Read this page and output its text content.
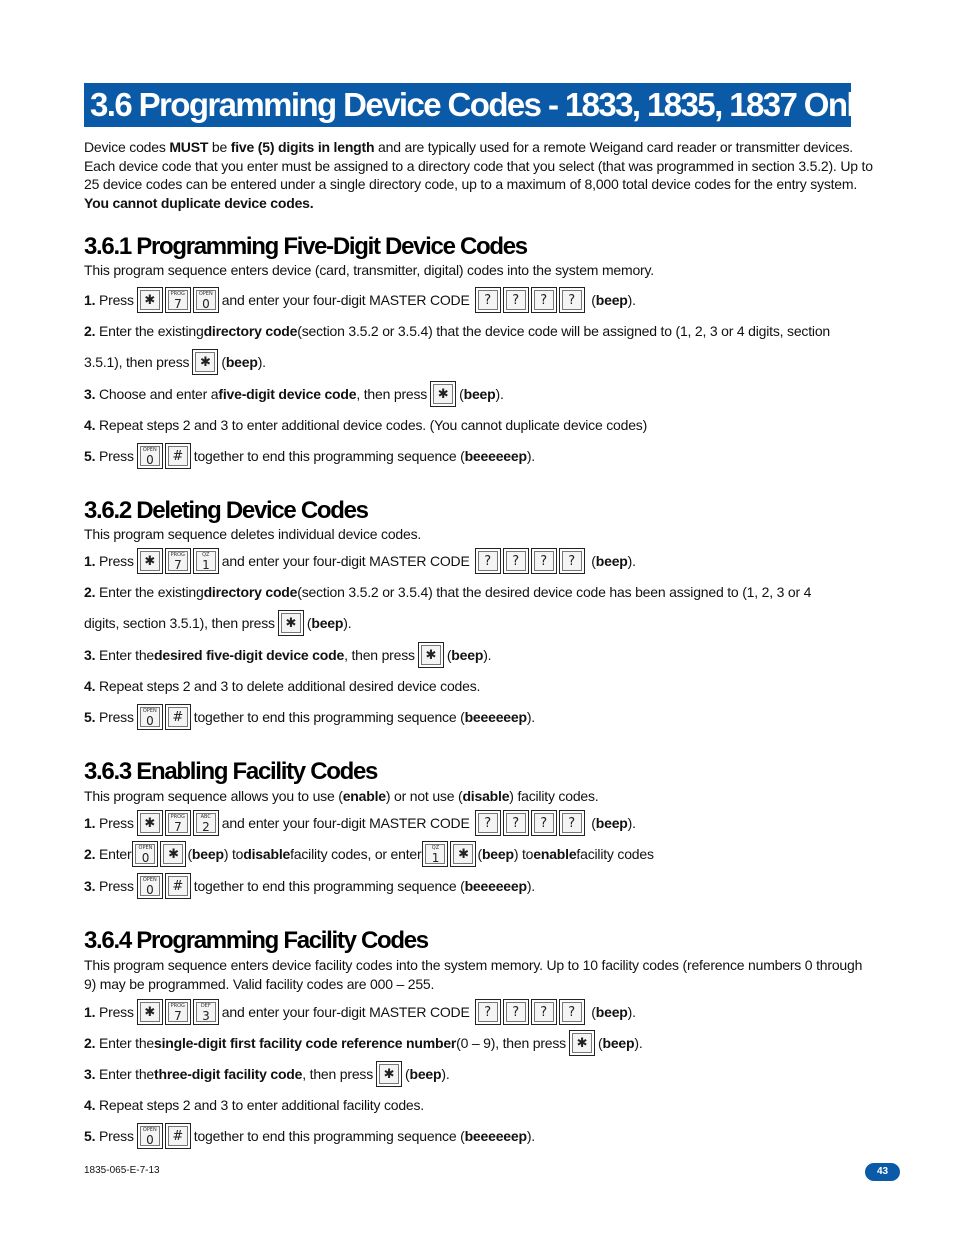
3.6 Programming Device Codes - 1833, 1835, 1837 Only
Device codes MUST be five (5) digits in length and are typically used for a remote Weigand card reader or transmitter devices. Each device code that you enter must be assigned to a directory code that you select (that was programmed in section 3.5.2). Up to 25 device codes can be entered under a single directory code, up to a maximum of 8,000 total device codes for the entry system. You cannot duplicate device codes.
3.6.1 Programming Five-Digit Device Codes
This program sequence enters device (card, transmitter, digital) codes into the system memory.
1.
Press ✱	PROG
7
OPEN
0 and enter your four-digit MASTER CODE ? ? ? ?
( beep ).
2.
Enter the existing directory code (section 3.5.2 or 3.5.4) that the device code will be assigned to (1, 2, 3 or 4 digits, section
3.5.1), then press ✱ ( beep ).
3.
Choose and enter a five-digit device code , then press ✱ ( beep ).
4.
Repeat steps 2 and 3 to enter additional device codes. (You cannot duplicate device codes)
5.
Press	OPEN
0 # together to end this programming sequence ( beeeeeep ).
3.6.2 Deleting Device Codes
This program sequence deletes individual device codes.
1.
Press ✱	PROG
7
QZ
1 and enter your four-digit MASTER CODE ? ? ? ?
( beep ).
2.
Enter the existing directory code (section 3.5.2 or 3.5.4) that the desired device code has been assigned to (1, 2, 3 or 4
digits, section 3.5.1), then press ✱ ( beep ).
3.
Enter the desired five-digit device code , then press ✱ ( beep ).
4.
Repeat steps 2 and 3 to delete additional desired device codes.
5.
Press	OPEN
0 # together to end this programming sequence ( beeeeeep ).
3.6.3 Enabling Facility Codes
This program sequence allows you to use (enable) or not use (disable) facility codes.
1.
Press ✱	PROG
7
ABC
2 and enter your four-digit MASTER CODE ? ? ? ?
( beep ).
2.
Enter	OPEN
0 ✱ ( beep ) to disable facility codes, or enter	QZ
1 ✱ ( beep ) to enable facility codes
3.
Press	OPEN
0 # together to end this programming sequence ( beeeeeep ).
3.6.4 Programming Facility Codes
This program sequence enters device facility codes into the system memory. Up to 10 facility codes (reference numbers 0 through 9) may be programmed. Valid facility codes are 000 – 255.
1.
Press ✱	PROG
7
DEF
3 and enter your four-digit MASTER CODE ? ? ? ?
( beep ).
2.
Enter the single-digit first facility code reference number (0 – 9), then press ✱ ( beep ).
3.
Enter the three-digit facility code , then press ✱ ( beep ).
4.
Repeat steps 2 and 3 to enter additional facility codes.
5.
Press	OPEN
0 # together to end this programming sequence ( beeeeeep ).
1835-065-E-7-13	43
